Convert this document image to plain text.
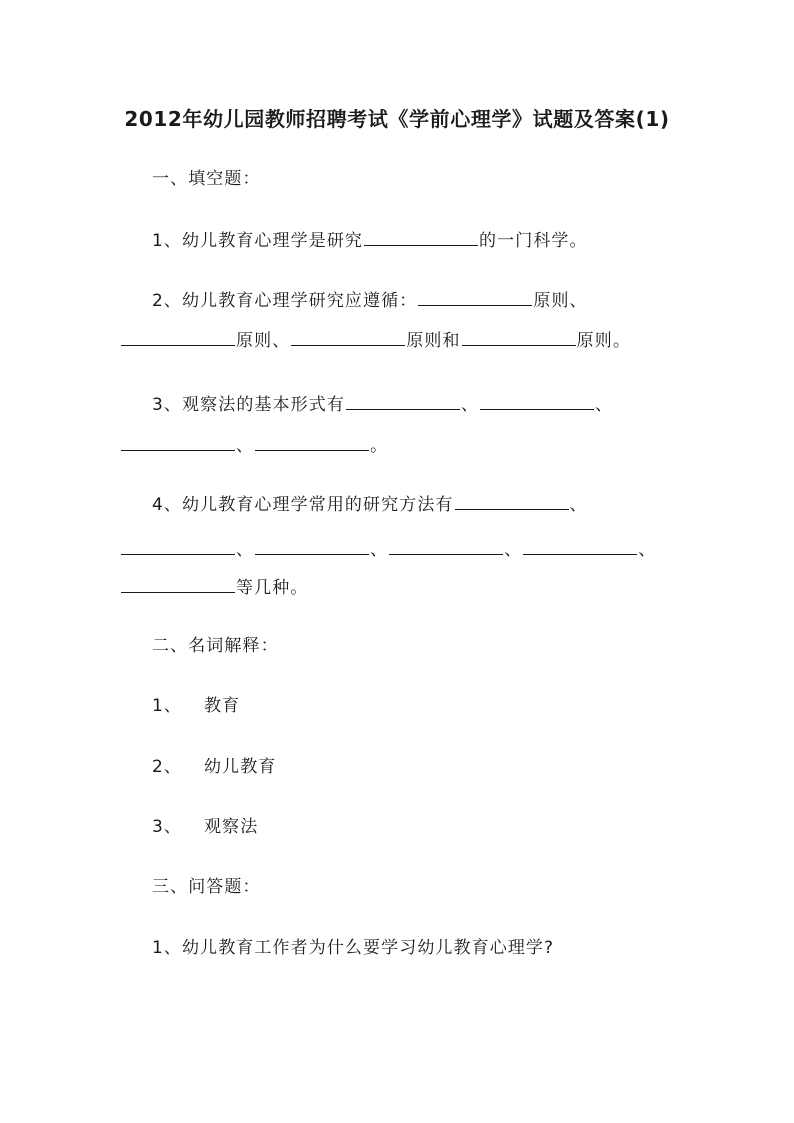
2012年幼儿园教师招聘考试《学前心理学》试题及答案(1)
一、填空题：
1、幼儿教育心理学是研究	的一门科学。
2、幼儿教育心理学研究应遵循：	原则、
原则、	原则和	原则。
3、观察法的基本形式有	、	、
、	。
4、幼儿教育心理学常用的研究方法有	、
、	、	、	、
等几种。
二、名词解释：
1、 教育
2、 幼儿教育
3、 观察法
三、问答题：
1、幼儿教育工作者为什么要学习幼儿教育心理学?
